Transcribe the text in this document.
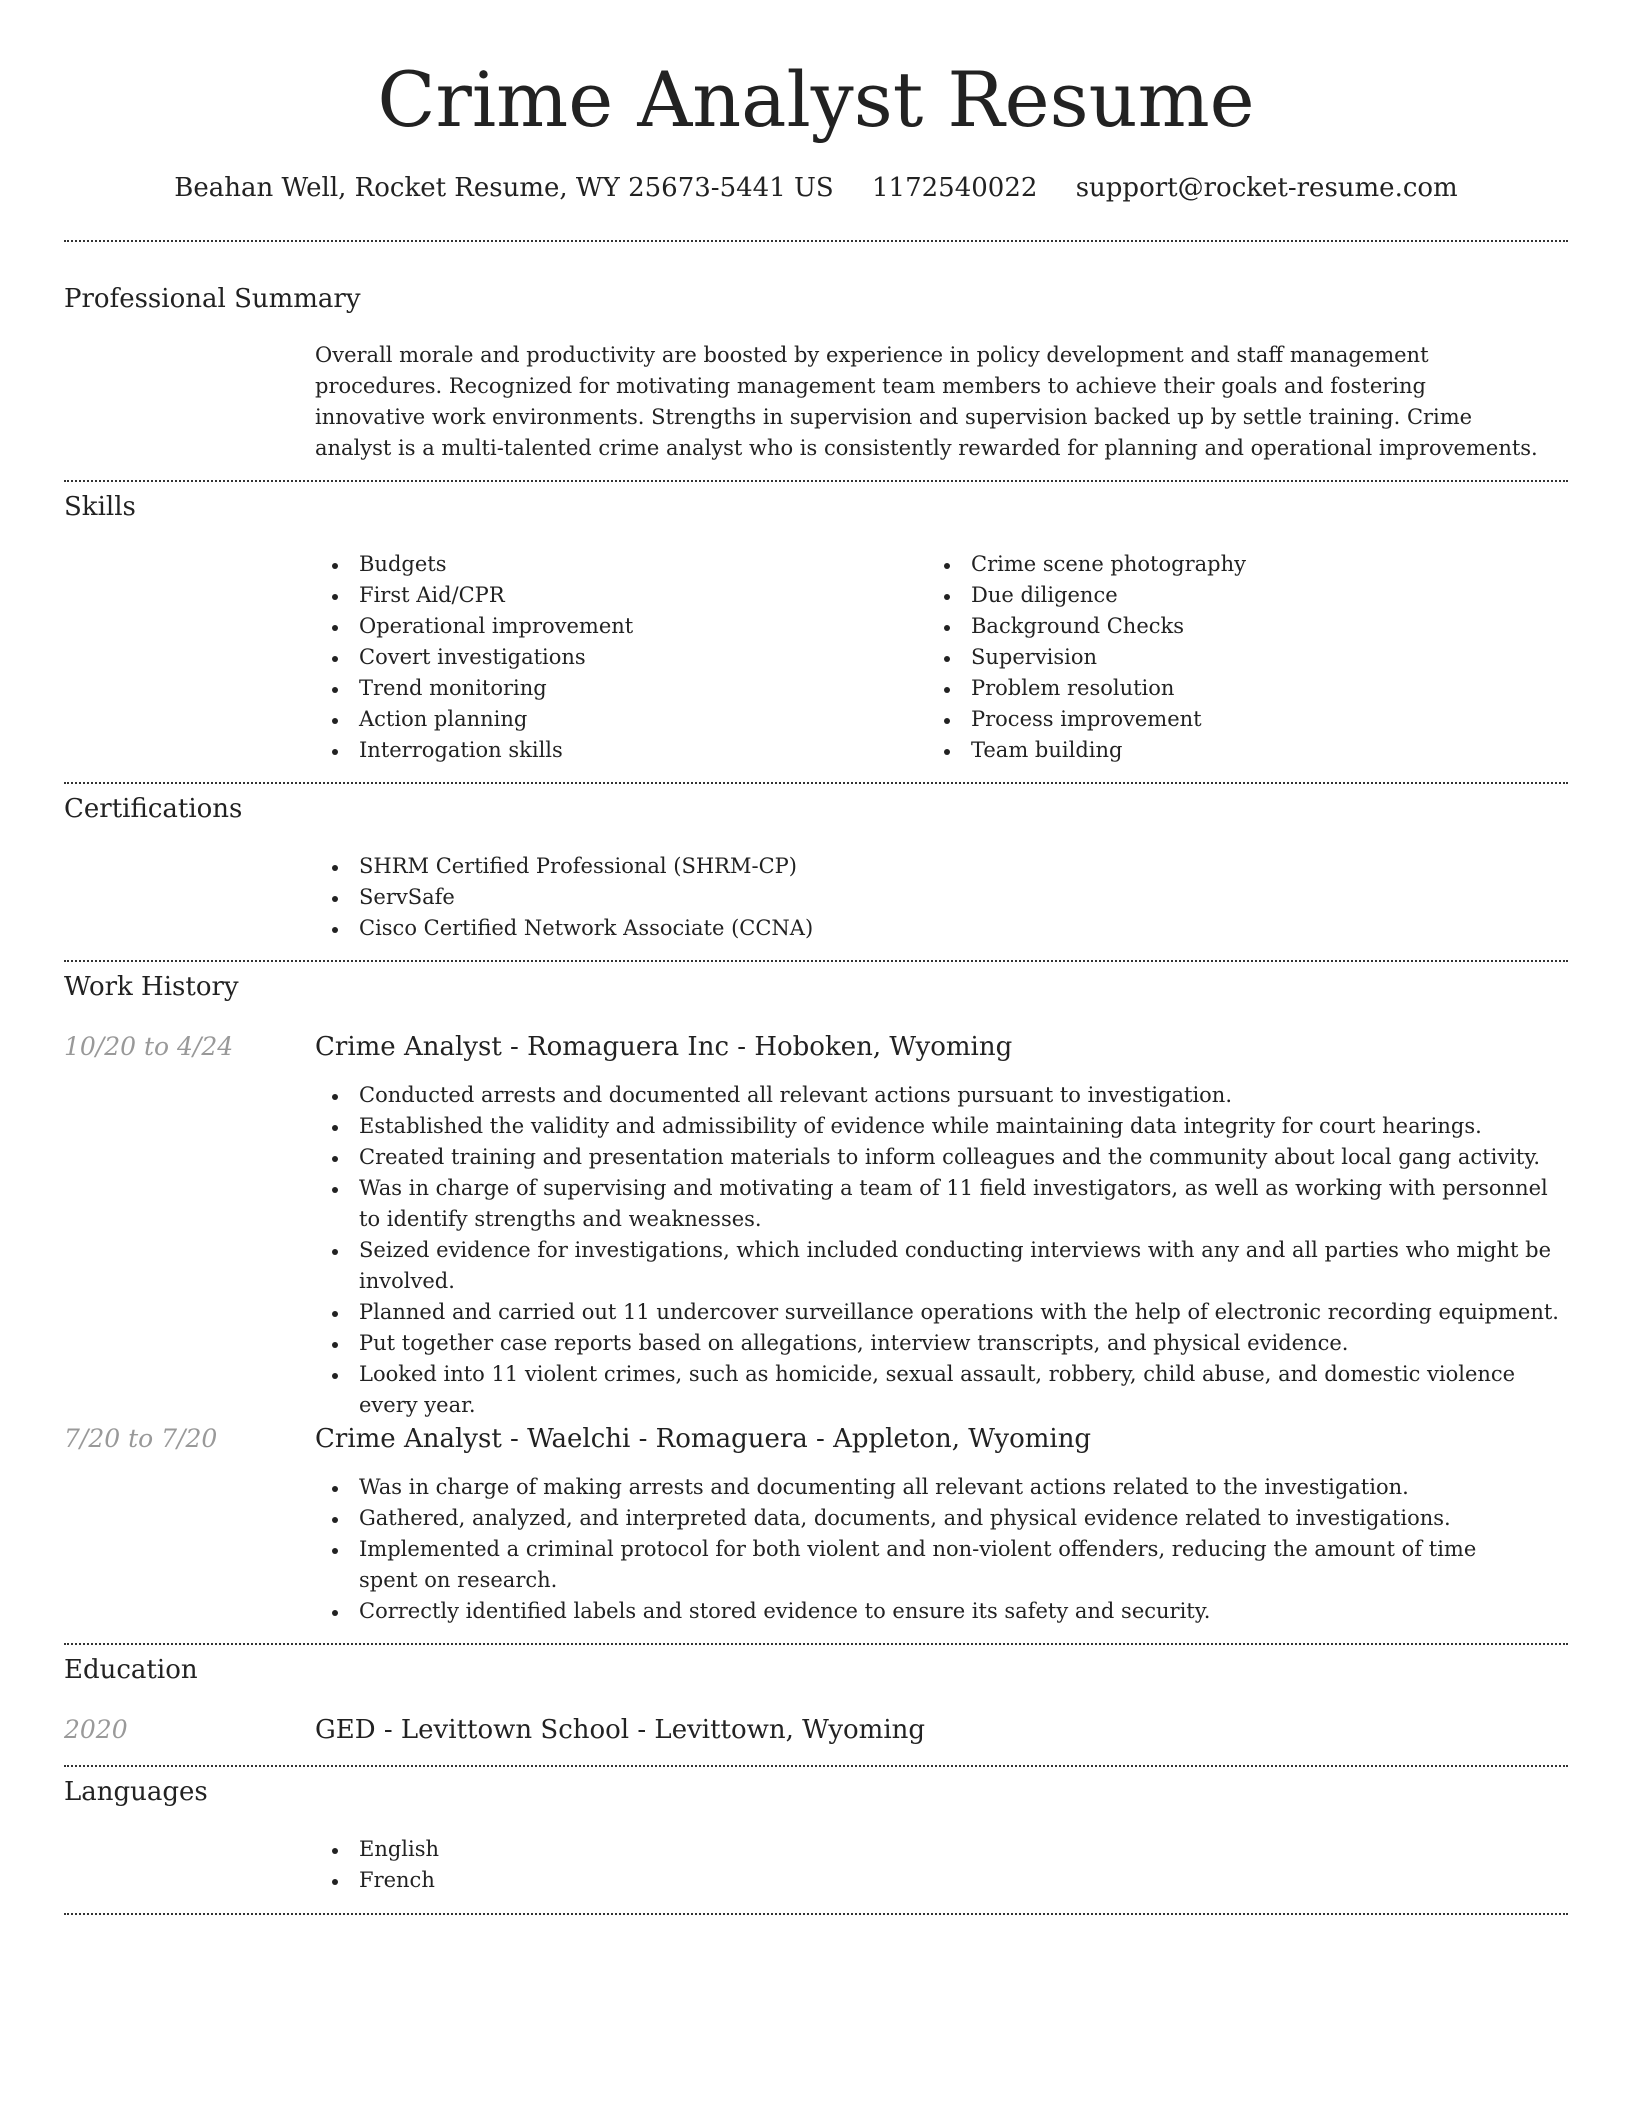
Crime Analyst Resume
Beahan Well, Rocket Resume, WY 25673-5441 US 1172540022 support@rocket-resume.com
Professional Summary

Overall morale and productivity are boosted by experience in policy development and staff management procedures. Recognized for motivating management team members to achieve their goals and fostering innovative work environments. Strengths in supervision and supervision backed up by settle training. Crime analyst is a multi-talented crime analyst who is consistently rewarded for planning and operational improvements.

Skills
Budgets
First Aid/CPR
Operational improvement
Covert investigations
Trend monitoring
Action planning
Interrogation skills
Crime scene photography
Due diligence
Background Checks
Supervision
Problem resolution
Process improvement
Team building
Certifications
SHRM Certified Professional (SHRM-CP)
ServSafe
Cisco Certified Network Associate (CCNA)
Work History
10/20 to 4/24	Crime Analyst - Romaguera Inc - Hoboken, Wyoming
Conducted arrests and documented all relevant actions pursuant to investigation.
Established the validity and admissibility of evidence while maintaining data integrity for court hearings.
Created training and presentation materials to inform colleagues and the community about local gang activity.
Was in charge of supervising and motivating a team of 11 field investigators, as well as working with personnel to identify strengths and weaknesses.
Seized evidence for investigations, which included conducting interviews with any and all parties who might be involved.
Planned and carried out 11 undercover surveillance operations with the help of electronic recording equipment.
Put together case reports based on allegations, interview transcripts, and physical evidence.
Looked into 11 violent crimes, such as homicide, sexual assault, robbery, child abuse, and domestic violence every year.
7/20 to 7/20	Crime Analyst - Waelchi - Romaguera - Appleton, Wyoming
Was in charge of making arrests and documenting all relevant actions related to the investigation.
Gathered, analyzed, and interpreted data, documents, and physical evidence related to investigations.
Implemented a criminal protocol for both violent and non-violent offenders, reducing the amount of time spent on research.
Correctly identified labels and stored evidence to ensure its safety and security.
Education
2020	GED - Levittown School - Levittown, Wyoming
Languages
English
French
